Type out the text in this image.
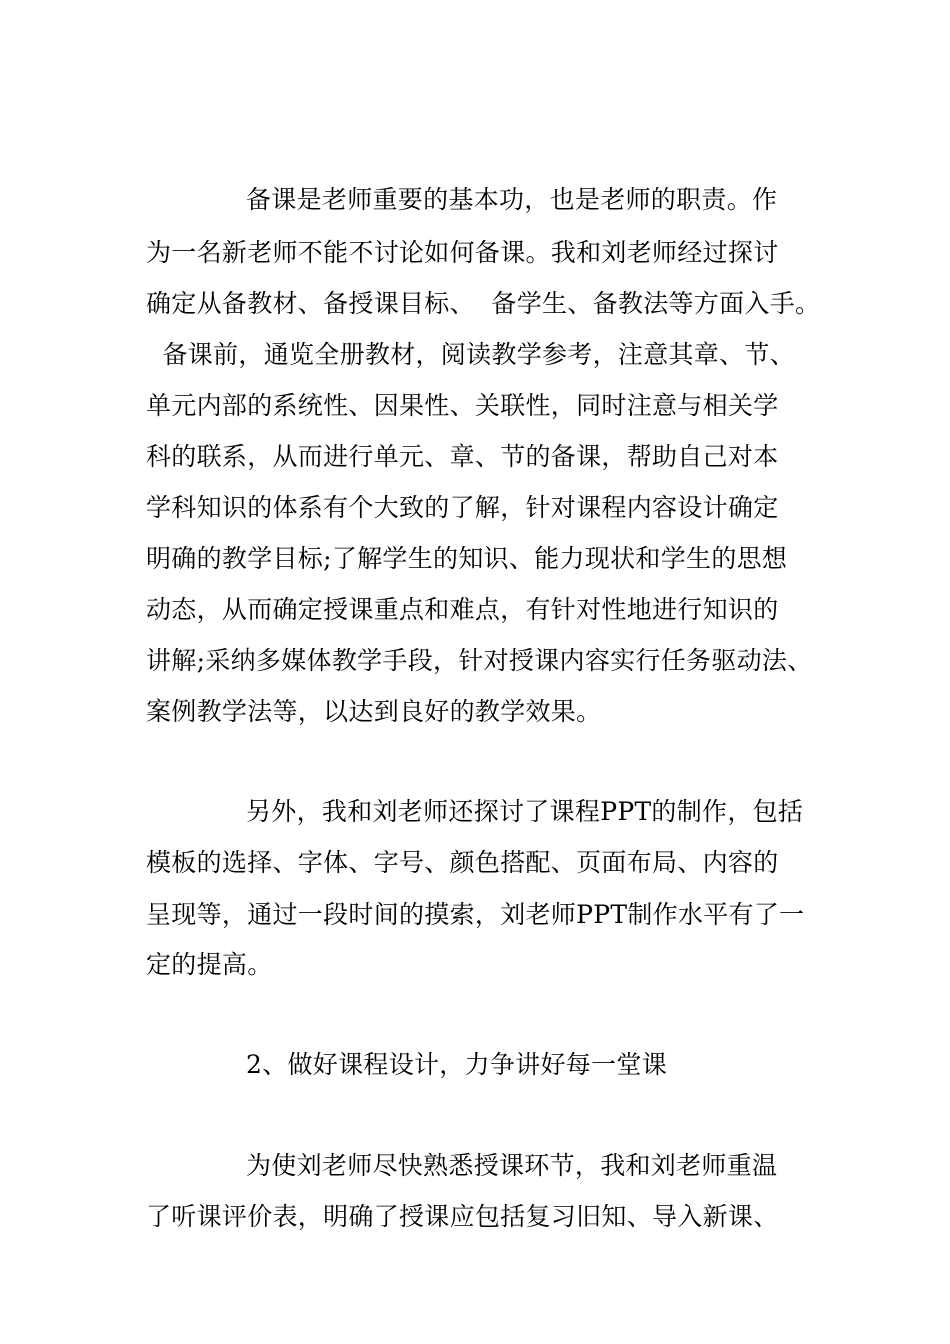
备课是老师重要的基本功，也是老师的职责。作
为一名新老师不能不讨论如何备课。我和刘老师经过探讨
确定从备教材、备授课目标、  备学生、备教法等方面入手。
备课前，通览全册教材，阅读教学参考，注意其章、节、
单元内部的系统性、因果性、关联性，同时注意与相关学
科的联系，从而进行单元、章、节的备课，帮助自己对本
学科知识的体系有个大致的了解，针对课程内容设计确定
明确的教学目标;了解学生的知识、能力现状和学生的思想
动态，从而确定授课重点和难点，有针对性地进行知识的
讲解;采纳多媒体教学手段，针对授课内容实行任务驱动法、
案例教学法等，以达到良好的教学效果。
另外，我和刘老师还探讨了课程PPT的制作，包括
模板的选择、字体、字号、颜色搭配、页面布局、内容的
呈现等，通过一段时间的摸索，刘老师PPT制作水平有了一
定的提高。
2、做好课程设计，力争讲好每一堂课
为使刘老师尽快熟悉授课环节，我和刘老师重温
了听课评价表，明确了授课应包括复习旧知、导入新课、
